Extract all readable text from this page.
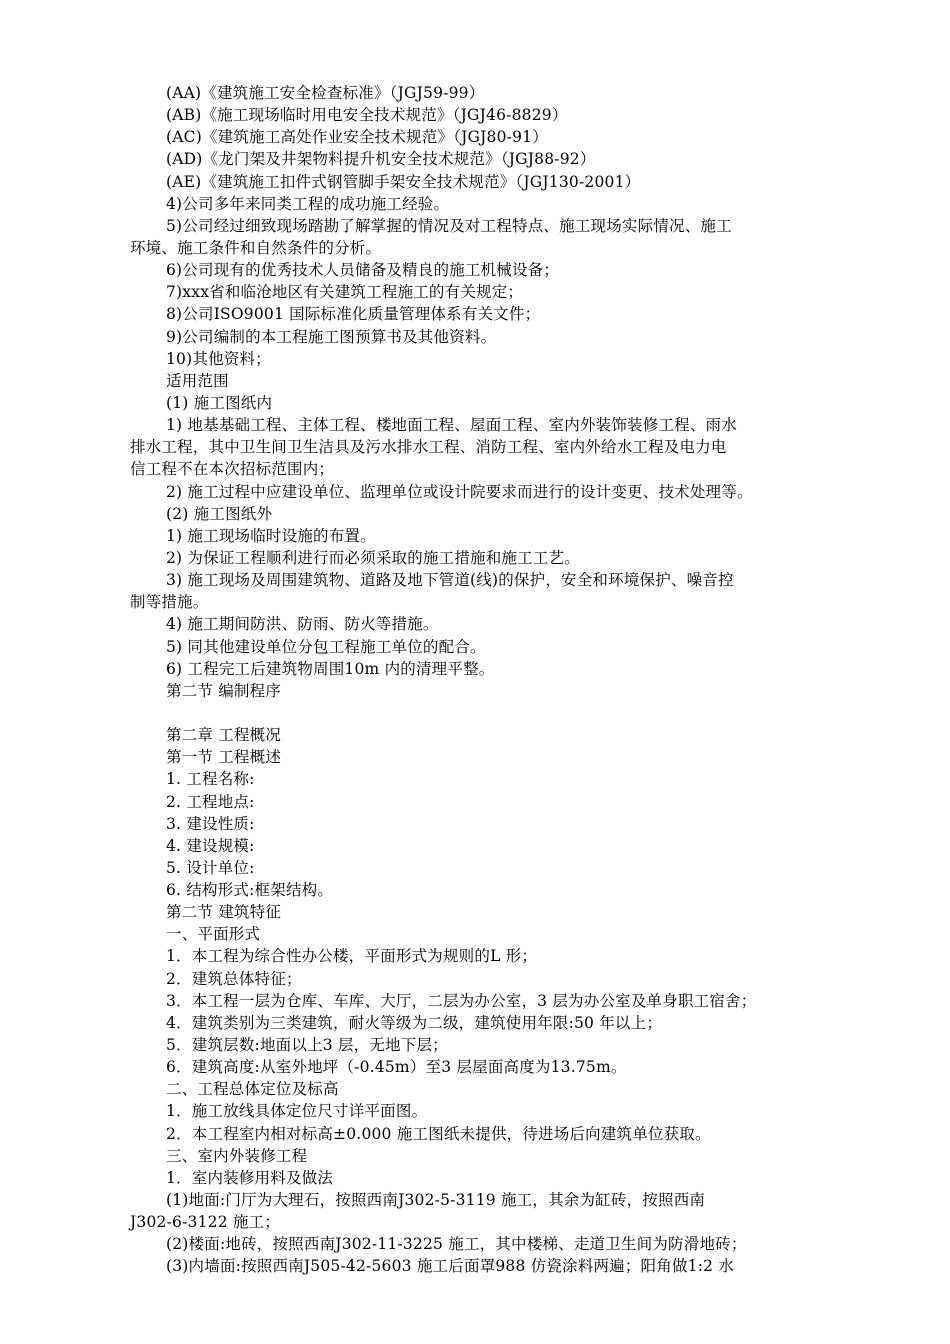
(AA)《建筑施工安全检查标准》（JGJ59-99）
(AB)《施工现场临时用电安全技术规范》（JGJ46-8829）
(AC)《建筑施工高处作业安全技术规范》（JGJ80-91）
(AD)《龙门架及井架物料提升机安全技术规范》（JGJ88-92）
(AE)《建筑施工扣件式钢管脚手架安全技术规范》（JGJ130-2001）
4)公司多年来同类工程的成功施工经验。
5)公司经过细致现场踏勘了解掌握的情况及对工程特点、施工现场实际情况、施工
环境、施工条件和自然条件的分析。
6)公司现有的优秀技术人员储备及精良的施工机械设备；
7)xxx省和临沧地区有关建筑工程施工的有关规定；
8)公司ISO9001 国际标准化质量管理体系有关文件；
9)公司编制的本工程施工图预算书及其他资料。
10)其他资料；
适用范围
(1) 施工图纸内
1) 地基基础工程、主体工程、楼地面工程、屋面工程、室内外装饰装修工程、雨水
排水工程，其中卫生间卫生洁具及污水排水工程、消防工程、室内外给水工程及电力电
信工程不在本次招标范围内；
2) 施工过程中应建设单位、监理单位或设计院要求而进行的设计变更、技术处理等。
(2) 施工图纸外
1) 施工现场临时设施的布置。
2) 为保证工程顺利进行而必须采取的施工措施和施工工艺。
3) 施工现场及周围建筑物、道路及地下管道(线)的保护，安全和环境保护、噪音控
制等措施。
4) 施工期间防洪、防雨、防火等措施。
5) 同其他建设单位分包工程施工单位的配合。
6) 工程完工后建筑物周围10m 内的清理平整。
第二节 编制程序
第二章 工程概况
第一节 工程概述
1. 工程名称:
2. 工程地点:
3. 建设性质:
4. 建设规模:
5. 设计单位:
6. 结构形式:框架结构。
第二节 建筑特征
一、平面形式
1．本工程为综合性办公楼，平面形式为规则的L 形；
2．建筑总体特征；
3．本工程一层为仓库、车库、大厅，二层为办公室，3 层为办公室及单身职工宿舍；
4．建筑类别为三类建筑，耐火等级为二级，建筑使用年限:50 年以上；
5．建筑层数:地面以上3 层，无地下层；
6．建筑高度:从室外地坪（-0.45m）至3 层屋面高度为13.75m。
二、工程总体定位及标高
1．施工放线具体定位尺寸详平面图。
2．本工程室内相对标高±0.000 施工图纸未提供，待进场后向建筑单位获取。
三、室内外装修工程
1．室内装修用料及做法
(1)地面:门厅为大理石，按照西南J302-5-3119 施工，其余为缸砖，按照西南
J302-6-3122 施工；
(2)楼面:地砖，按照西南J302-11-3225 施工，其中楼梯、走道卫生间为防滑地砖；
(3)内墙面:按照西南J505-42-5603 施工后面罩988 仿瓷涂料两遍；阳角做1:2 水
